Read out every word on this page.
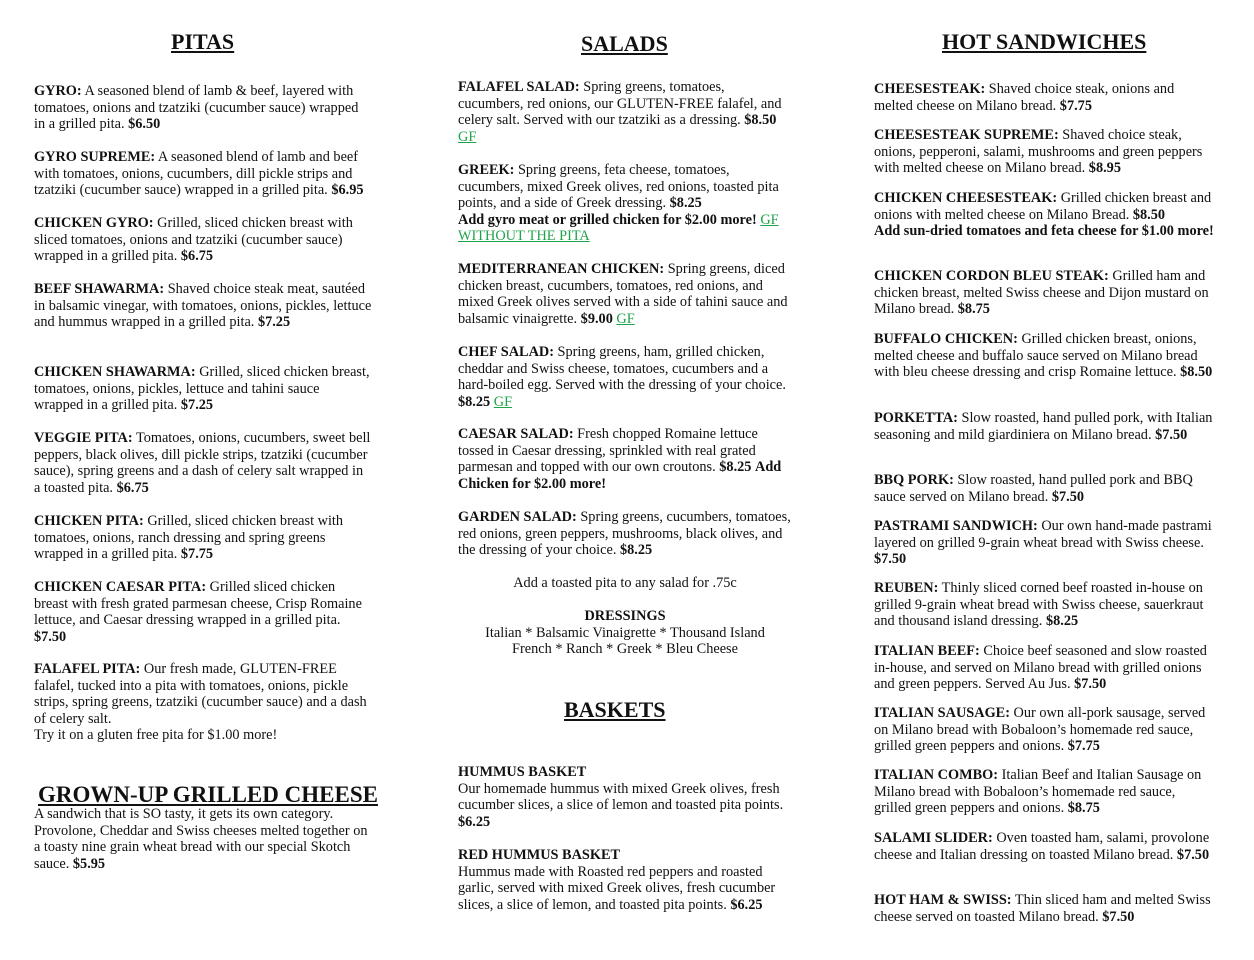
PITAS
GYRO: A seasoned blend of lamb & beef, layered with tomatoes, onions and tzatziki (cucumber sauce) wrapped in a grilled pita. $6.50
GYRO SUPREME: A seasoned blend of lamb and beef with tomatoes, onions, cucumbers, dill pickle strips and tzatziki (cucumber sauce) wrapped in a grilled pita. $6.95
CHICKEN GYRO: Grilled, sliced chicken breast with sliced tomatoes, onions and tzatziki (cucumber sauce) wrapped in a grilled pita. $6.75
BEEF SHAWARMA: Shaved choice steak meat, sautéed in balsamic vinegar, with tomatoes, onions, pickles, lettuce and hummus wrapped in a grilled pita. $7.25
CHICKEN SHAWARMA: Grilled, sliced chicken breast, tomatoes, onions, pickles, lettuce and tahini sauce wrapped in a grilled pita. $7.25
VEGGIE PITA: Tomatoes, onions, cucumbers, sweet bell peppers, black olives, dill pickle strips, tzatziki (cucumber sauce), spring greens and a dash of celery salt wrapped in a toasted pita. $6.75
CHICKEN PITA: Grilled, sliced chicken breast with tomatoes, onions, ranch dressing and spring greens wrapped in a grilled pita. $7.75
CHICKEN CAESAR PITA: Grilled sliced chicken breast with fresh grated parmesan cheese, Crisp Romaine lettuce, and Caesar dressing wrapped in a grilled pita. $7.50
FALAFEL PITA: Our fresh made, GLUTEN-FREE falafel, tucked into a pita with tomatoes, onions, pickle strips, spring greens, tzatziki (cucumber sauce) and a dash of celery salt.
Try it on a gluten free pita for $1.00 more!
GROWN-UP GRILLED CHEESE
A sandwich that is SO tasty, it gets its own category. Provolone, Cheddar and Swiss cheeses melted together on a toasty nine grain wheat bread with our special Skotch sauce. $5.95
SALADS
FALAFEL SALAD: Spring greens, tomatoes, cucumbers, red onions, our GLUTEN-FREE falafel, and celery salt. Served with our tzatziki as a dressing. $8.50 GF
GREEK: Spring greens, feta cheese, tomatoes, cucumbers, mixed Greek olives, red onions, toasted pita points, and a side of Greek dressing. $8.25
Add gyro meat or grilled chicken for $2.00 more! GF WITHOUT THE PITA
MEDITERRANEAN CHICKEN: Spring greens, diced chicken breast, cucumbers, tomatoes, red onions, and mixed Greek olives served with a side of tahini sauce and balsamic vinaigrette. $9.00 GF
CHEF SALAD: Spring greens, ham, grilled chicken, cheddar and Swiss cheese, tomatoes, cucumbers and a hard-boiled egg. Served with the dressing of your choice. $8.25 GF
CAESAR SALAD: Fresh chopped Romaine lettuce tossed in Caesar dressing, sprinkled with real grated parmesan and topped with our own croutons. $8.25 Add Chicken for $2.00 more!
GARDEN SALAD: Spring greens, cucumbers, tomatoes, red onions, green peppers, mushrooms, black olives, and the dressing of your choice. $8.25
Add a toasted pita to any salad for .75c
DRESSINGS
Italian * Balsamic Vinaigrette * Thousand Island
French * Ranch * Greek * Bleu Cheese
BASKETS
HUMMUS BASKET
Our homemade hummus with mixed Greek olives, fresh cucumber slices, a slice of lemon and toasted pita points.
$6.25
RED HUMMUS BASKET
Hummus made with Roasted red peppers and roasted garlic, served with mixed Greek olives, fresh cucumber slices, a slice of lemon, and toasted pita points. $6.25
HOT SANDWICHES
CHEESESTEAK: Shaved choice steak, onions and melted cheese on Milano bread. $7.75
CHEESESTEAK SUPREME: Shaved choice steak, onions, pepperoni, salami, mushrooms and green peppers with melted cheese on Milano bread. $8.95
CHICKEN CHEESESTEAK: Grilled chicken breast and onions with melted cheese on Milano Bread. $8.50
Add sun-dried tomatoes and feta cheese for $1.00 more!
CHICKEN CORDON BLEU STEAK: Grilled ham and chicken breast, melted Swiss cheese and Dijon mustard on Milano bread. $8.75
BUFFALO CHICKEN: Grilled chicken breast, onions, melted cheese and buffalo sauce served on Milano bread with bleu cheese dressing and crisp Romaine lettuce. $8.50
PORKETTA: Slow roasted, hand pulled pork, with Italian seasoning and mild giardiniera on Milano bread. $7.50
BBQ PORK: Slow roasted, hand pulled pork and BBQ sauce served on Milano bread. $7.50
PASTRAMI SANDWICH: Our own hand-made pastrami layered on grilled 9-grain wheat bread with Swiss cheese. $7.50
REUBEN: Thinly sliced corned beef roasted in-house on grilled 9-grain wheat bread with Swiss cheese, sauerkraut and thousand island dressing. $8.25
ITALIAN BEEF: Choice beef seasoned and slow roasted in-house, and served on Milano bread with grilled onions and green peppers. Served Au Jus. $7.50
ITALIAN SAUSAGE: Our own all-pork sausage, served on Milano bread with Bobaloon’s homemade red sauce, grilled green peppers and onions. $7.75
ITALIAN COMBO: Italian Beef and Italian Sausage on Milano bread with Bobaloon’s homemade red sauce, grilled green peppers and onions. $8.75
SALAMI SLIDER: Oven toasted ham, salami, provolone cheese and Italian dressing on toasted Milano bread. $7.50
HOT HAM & SWISS: Thin sliced ham and melted Swiss cheese served on toasted Milano bread. $7.50
